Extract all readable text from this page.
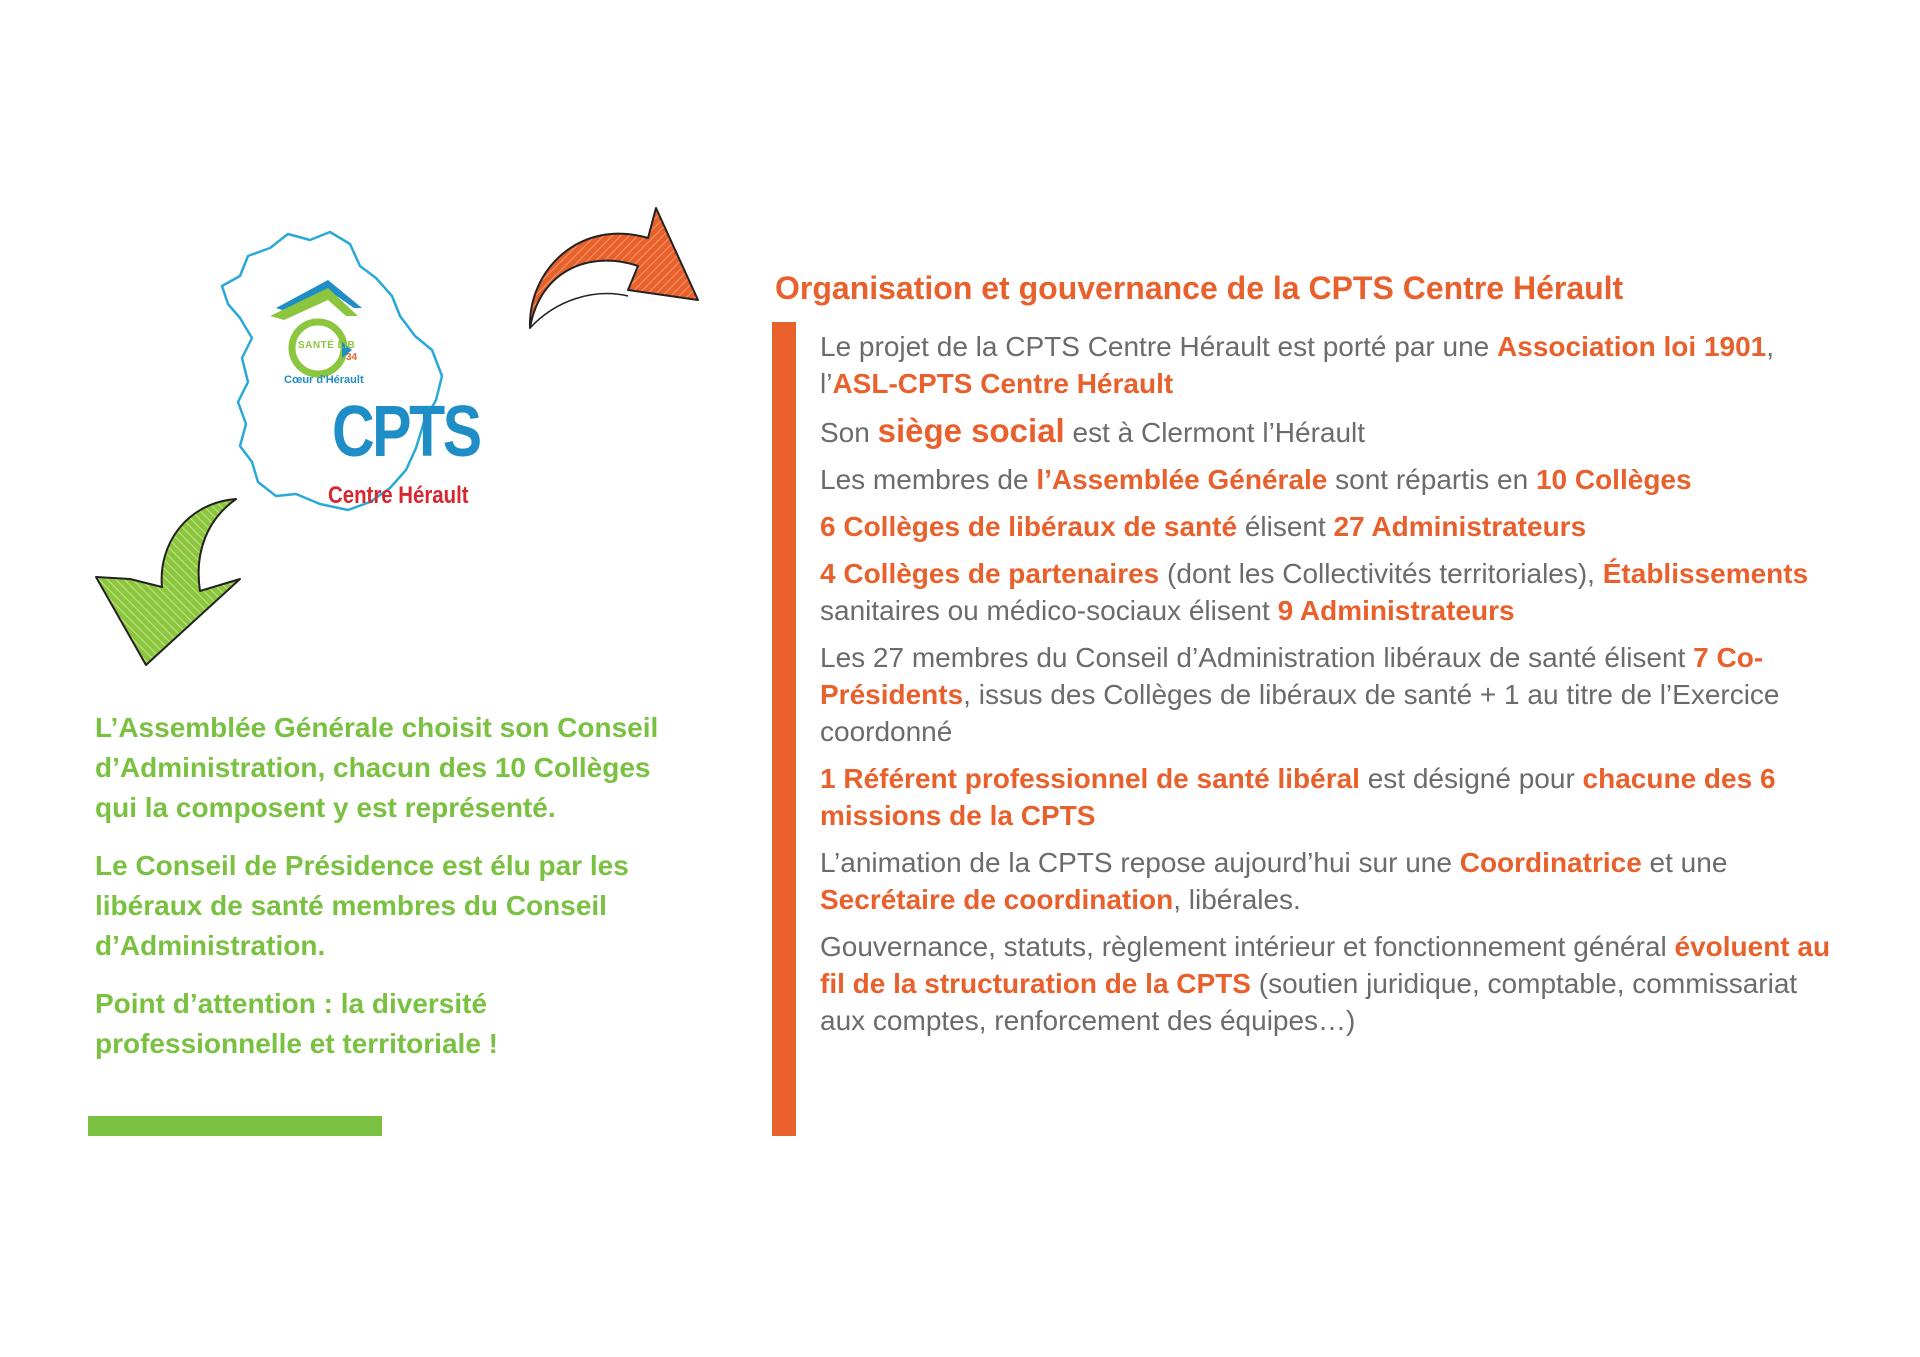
SANTÉ LIB
34
Cœur d'Hérault
CPTS
Centre Hérault

L’Assemblée Générale choisit son Conseil d’Administration, chacun des 10 Collèges qui la composent y est représenté.

Le Conseil de Présidence est élu par les libéraux de santé membres du Conseil d’Administration.

Point d’attention : la diversité professionnelle et territoriale !

Organisation et gouvernance de la CPTS Centre Hérault

Le projet de la CPTS Centre Hérault est porté par une Association loi 1901, l’ASL-CPTS Centre Hérault

Son siège social est à Clermont l’Hérault

Les membres de l’Assemblée Générale sont répartis en 10 Collèges

6 Collèges de libéraux de santé élisent 27 Administrateurs

4 Collèges de partenaires (dont les Collectivités territoriales), Établissements sanitaires ou médico-sociaux élisent 9 Administrateurs

Les 27 membres du Conseil d’Administration libéraux de santé élisent 7 Co-Présidents, issus des Collèges de libéraux de santé + 1 au titre de l’Exercice coordonné

1 Référent professionnel de santé libéral est désigné pour chacune des 6 missions de la CPTS

L’animation de la CPTS repose aujourd’hui sur une Coordinatrice et une Secrétaire de coordination, libérales.

Gouvernance, statuts, règlement intérieur et fonctionnement général évoluent au fil de la structuration de la CPTS (soutien juridique, comptable, commissariat aux comptes, renforcement des équipes…)
